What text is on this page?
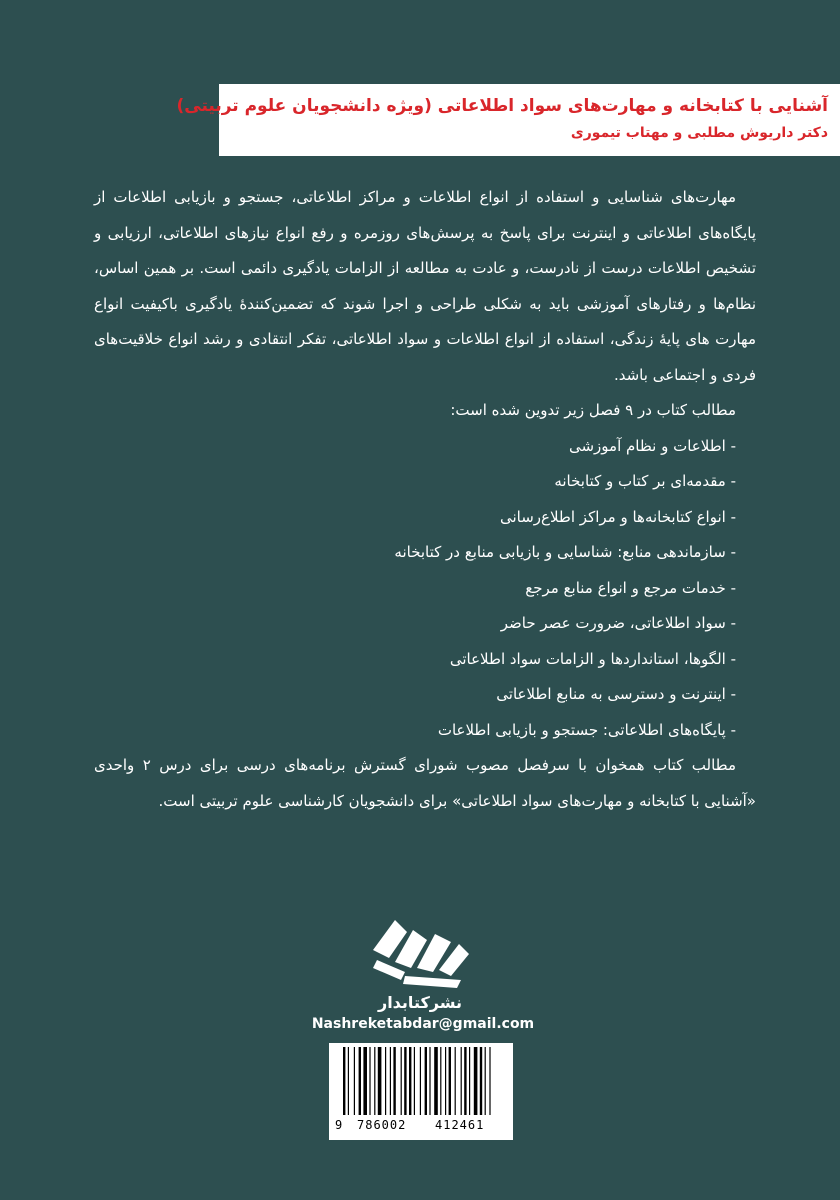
آشنایی با کتابخانه و مهارت‌های سواد اطلاعاتی (ویژه دانشجویان علوم تربیتی)
دکتر داریوش مطلبی و مهتاب تیموری

مهارت‌های شناسایی و استفاده از انواع اطلاعات و مراکز اطلاعاتی، جستجو و بازیابی اطلاعات از پایگاه‌های اطلاعاتی و اینترنت برای پاسخ به پرسش‌های روزمره و رفع انواع نیازهای اطلاعاتی، ارزیابی و تشخیص اطلاعات درست از نادرست، و عادت به مطالعه از الزامات یادگیری دائمی است. بر همین اساس، نظام‌ها و رفتارهای آموزشی باید به شکلی طراحی و اجرا شوند که تضمین‌کنندۀ یادگیری باکیفیت انواع مهارت های پایۀ زندگی، استفاده از انواع اطلاعات و سواد اطلاعاتی، تفکر انتقادی و رشد انواع خلاقیت‌های فردی و اجتماعی باشد.

مطالب کتاب در ۹ فصل زیر تدوین شده است:

- اطلاعات و نظام آموزشی
- مقدمه‌ای بر کتاب و کتابخانه
- انواع کتابخانه‌ها و مراکز اطلاع‌رسانی
- سازماندهی منابع: شناسایی و بازیابی منابع در کتابخانه
- خدمات مرجع و انواع منابع مرجع
- سواد اطلاعاتی، ضرورت عصر حاضر
- الگوها، استانداردها و الزامات سواد اطلاعاتی
- اینترنت و دسترسی به منابع اطلاعاتی
- پایگاه‌های اطلاعاتی: جستجو و بازیابی اطلاعات

مطالب کتاب همخوان با سرفصل مصوب شورای گسترش برنامه‌های درسی برای درس ۲ واحدی «آشنایی با کتابخانه و مهارت‌های سواد اطلاعاتی» برای دانشجویان کارشناسی علوم تربیتی است.

نشرکتابدار
Nashreketabdar@gmail.com
9 786002 412461
